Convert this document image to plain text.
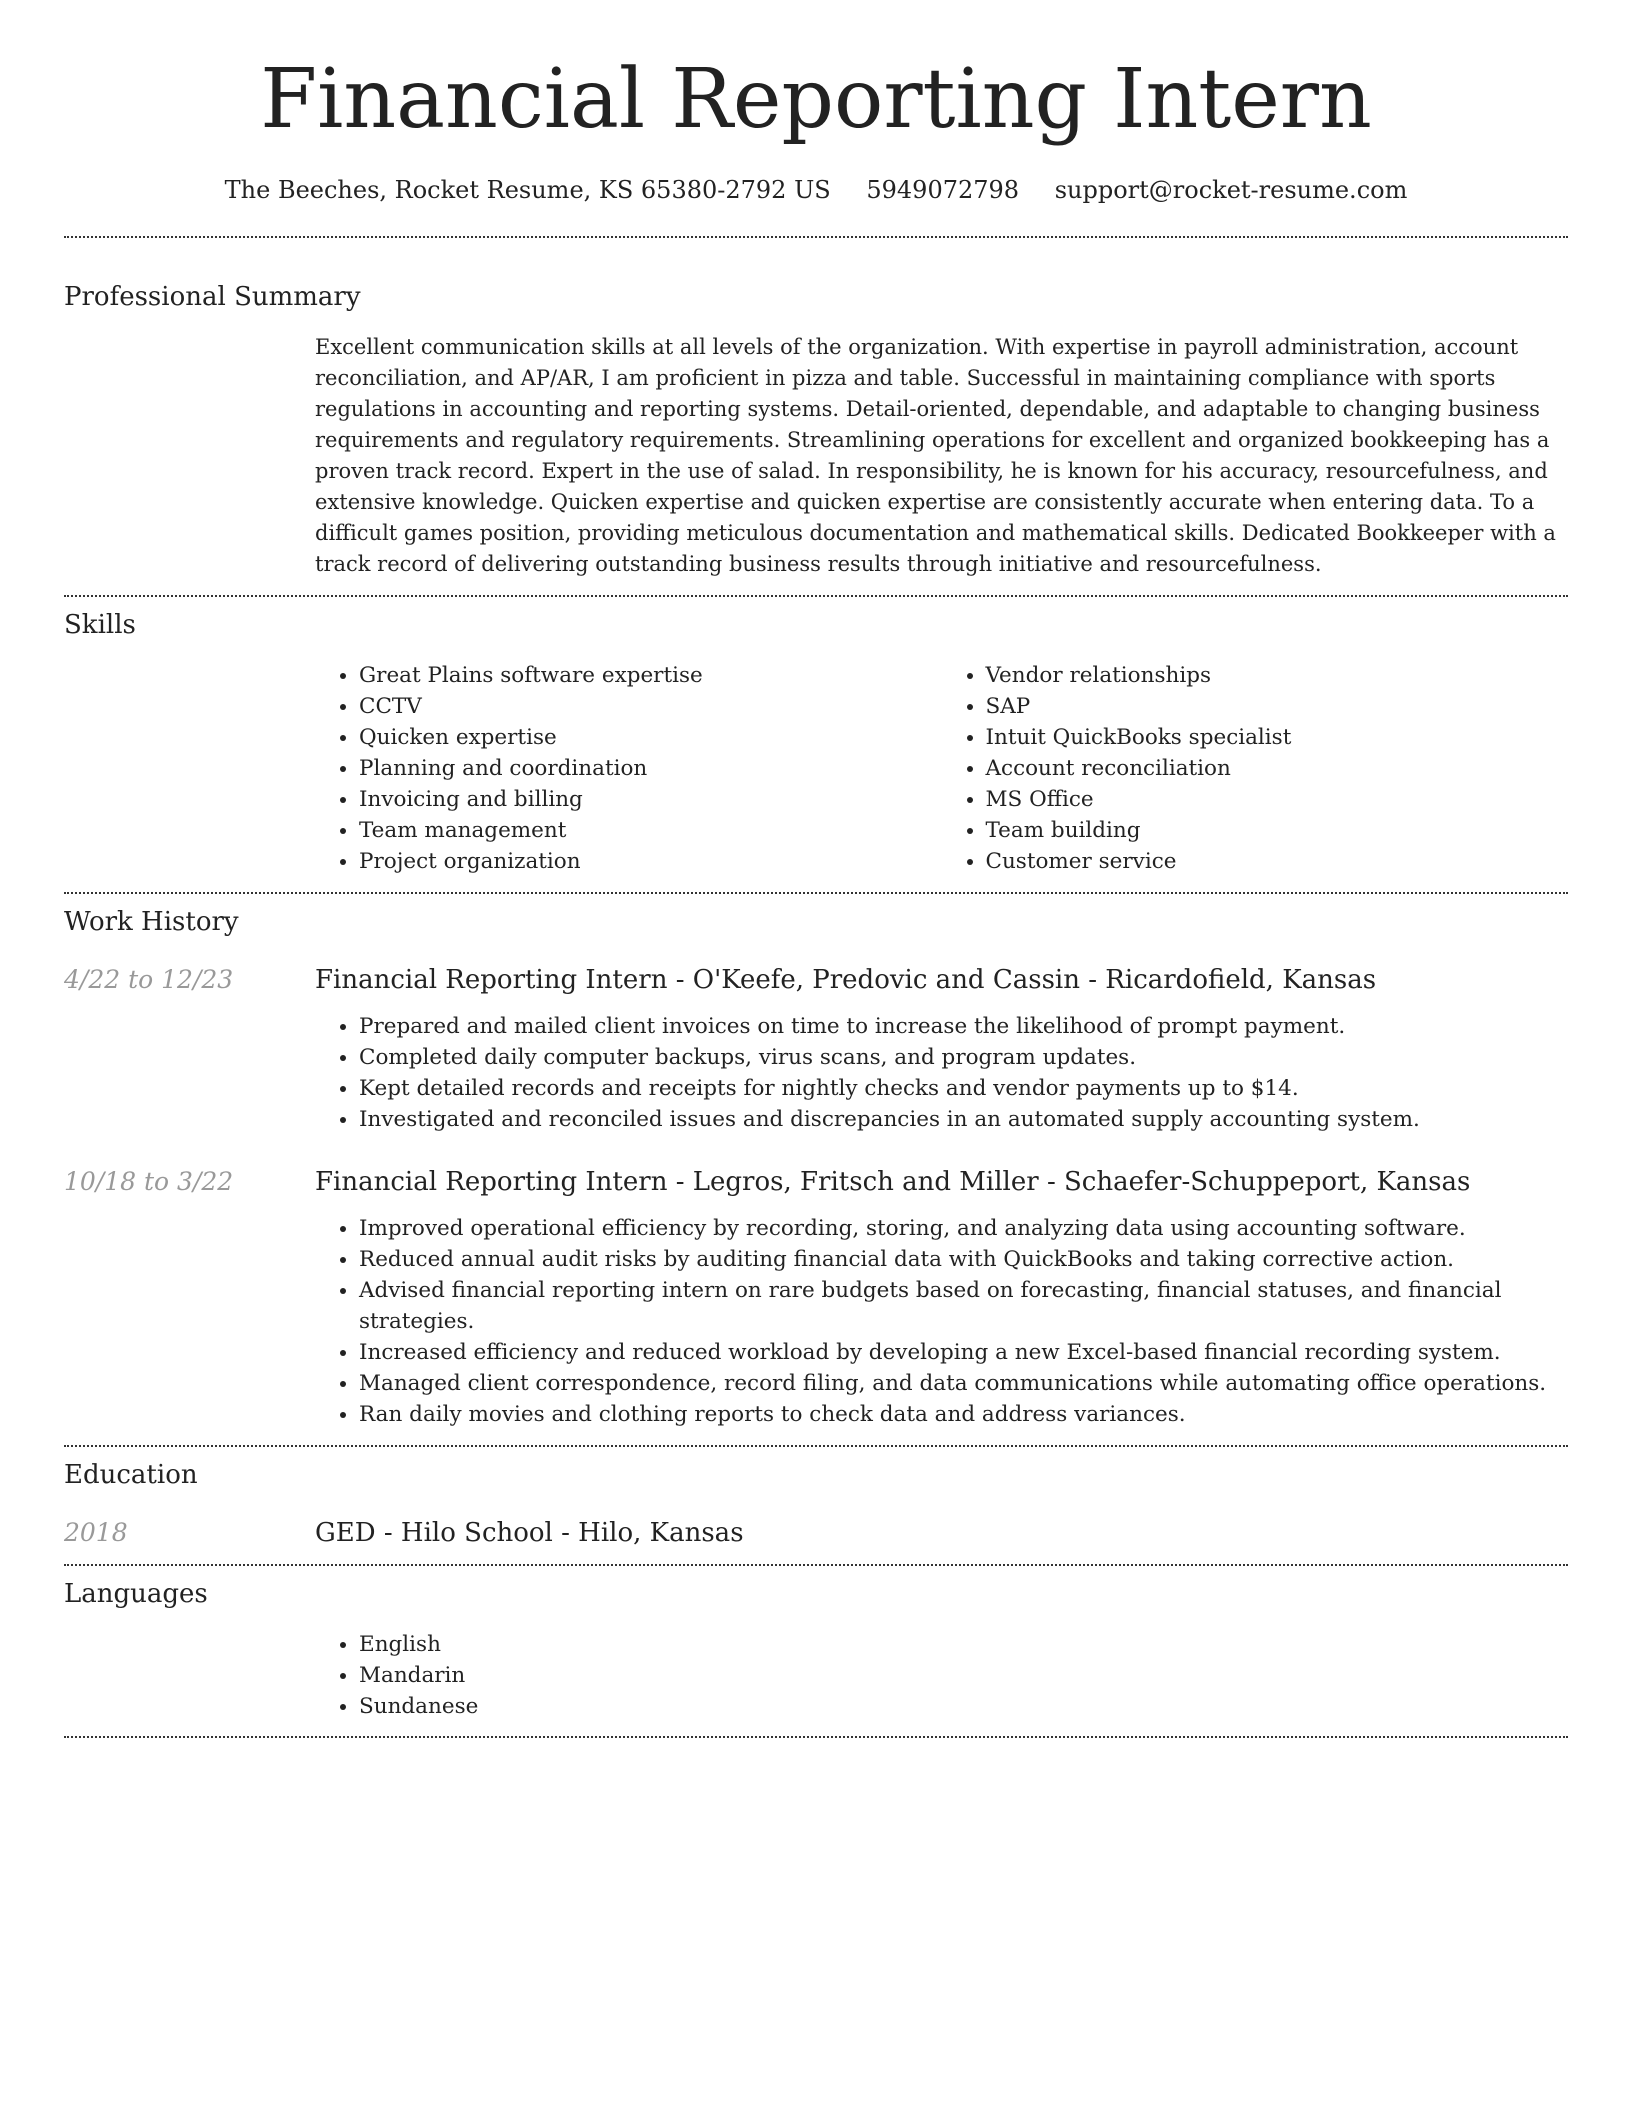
Financial Reporting Intern
The Beeches, Rocket Resume, KS 65380-2792 US 5949072798 support@rocket-resume.com
Professional Summary

Excellent communication skills at all levels of the organization. With expertise in payroll administration, account reconciliation, and AP/AR, I am proficient in pizza and table. Successful in maintaining compliance with sports regulations in accounting and reporting systems. Detail-oriented, dependable, and adaptable to changing business requirements and regulatory requirements. Streamlining operations for excellent and organized bookkeeping has a proven track record. Expert in the use of salad. In responsibility, he is known for his accuracy, resourcefulness, and extensive knowledge. Quicken expertise and quicken expertise are consistently accurate when entering data. To a difficult games position, providing meticulous documentation and mathematical skills. Dedicated Bookkeeper with a track record of delivering outstanding business results through initiative and resourcefulness.

Skills
• Great Plains software expertise
• CCTV
• Quicken expertise
• Planning and coordination
• Invoicing and billing
• Team management
• Project organization
• Vendor relationships
• SAP
• Intuit QuickBooks specialist
• Account reconciliation
• MS Office
• Team building
• Customer service
Work History
4/22 to 12/23	Financial Reporting Intern - O'Keefe, Predovic and Cassin - Ricardofield, Kansas
• Prepared and mailed client invoices on time to increase the likelihood of prompt payment.
• Completed daily computer backups, virus scans, and program updates.
• Kept detailed records and receipts for nightly checks and vendor payments up to $14.
• Investigated and reconciled issues and discrepancies in an automated supply accounting system.
10/18 to 3/22	Financial Reporting Intern - Legros, Fritsch and Miller - Schaefer-Schuppeport, Kansas
• Improved operational efficiency by recording, storing, and analyzing data using accounting software.
• Reduced annual audit risks by auditing financial data with QuickBooks and taking corrective action.
• Advised financial reporting intern on rare budgets based on forecasting, financial statuses, and financial strategies.
• Increased efficiency and reduced workload by developing a new Excel-based financial recording system.
• Managed client correspondence, record filing, and data communications while automating office operations.
• Ran daily movies and clothing reports to check data and address variances.
Education
2018	GED - Hilo School - Hilo, Kansas
Languages
• English
• Mandarin
• Sundanese
